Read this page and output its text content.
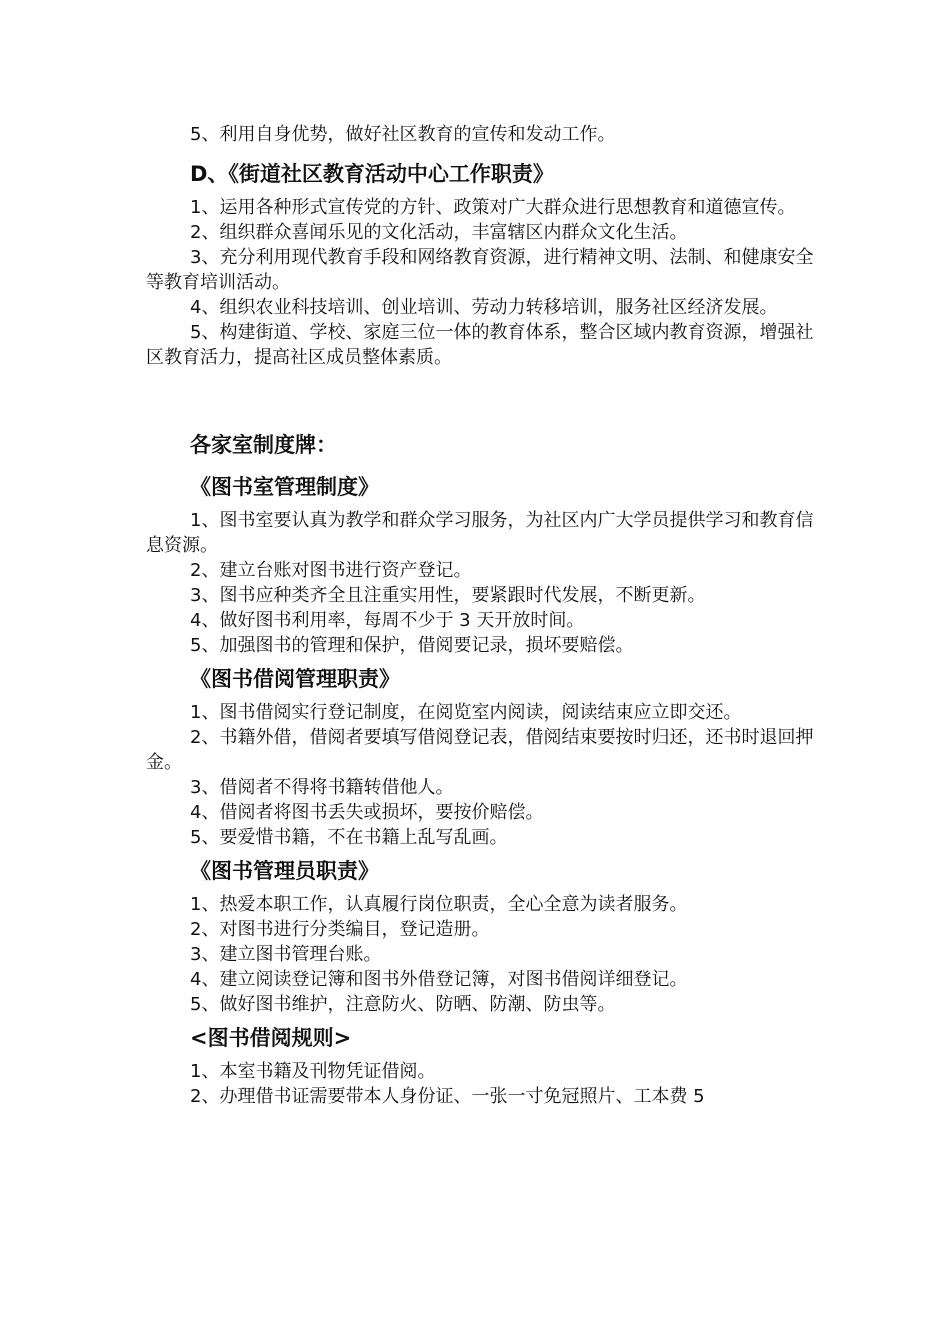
5、利用自身优势，做好社区教育的宣传和发动工作。

D、《街道社区教育活动中心工作职责》

1、运用各种形式宣传党的方针、政策对广大群众进行思想教育和道德宣传。

2、组织群众喜闻乐见的文化活动，丰富辖区内群众文化生活。

3、充分利用现代教育手段和网络教育资源，进行精神文明、法制、和健康安全等教育培训活动。

4、组织农业科技培训、创业培训、劳动力转移培训，服务社区经济发展。

5、构建街道、学校、家庭三位一体的教育体系，整合区域内教育资源，增强社区教育活力，提高社区成员整体素质。

各家室制度牌：
《图书室管理制度》

1、图书室要认真为教学和群众学习服务，为社区内广大学员提供学习和教育信息资源。

2、建立台账对图书进行资产登记。

3、图书应种类齐全且注重实用性，要紧跟时代发展，不断更新。

4、做好图书利用率，每周不少于 3 天开放时间。

5、加强图书的管理和保护，借阅要记录，损坏要赔偿。

《图书借阅管理职责》

1、图书借阅实行登记制度，在阅览室内阅读，阅读结束应立即交还。

2、书籍外借，借阅者要填写借阅登记表，借阅结束要按时归还，还书时退回押金。

3、借阅者不得将书籍转借他人。

4、借阅者将图书丢失或损坏，要按价赔偿。

5、要爱惜书籍，不在书籍上乱写乱画。

《图书管理员职责》

1、热爱本职工作，认真履行岗位职责，全心全意为读者服务。

2、对图书进行分类编目，登记造册。

3、建立图书管理台账。

4、建立阅读登记簿和图书外借登记簿，对图书借阅详细登记。

5、做好图书维护，注意防火、防晒、防潮、防虫等。

<图书借阅规则>

1、本室书籍及刊物凭证借阅。

2、办理借书证需要带本人身份证、一张一寸免冠照片、工本费 5
